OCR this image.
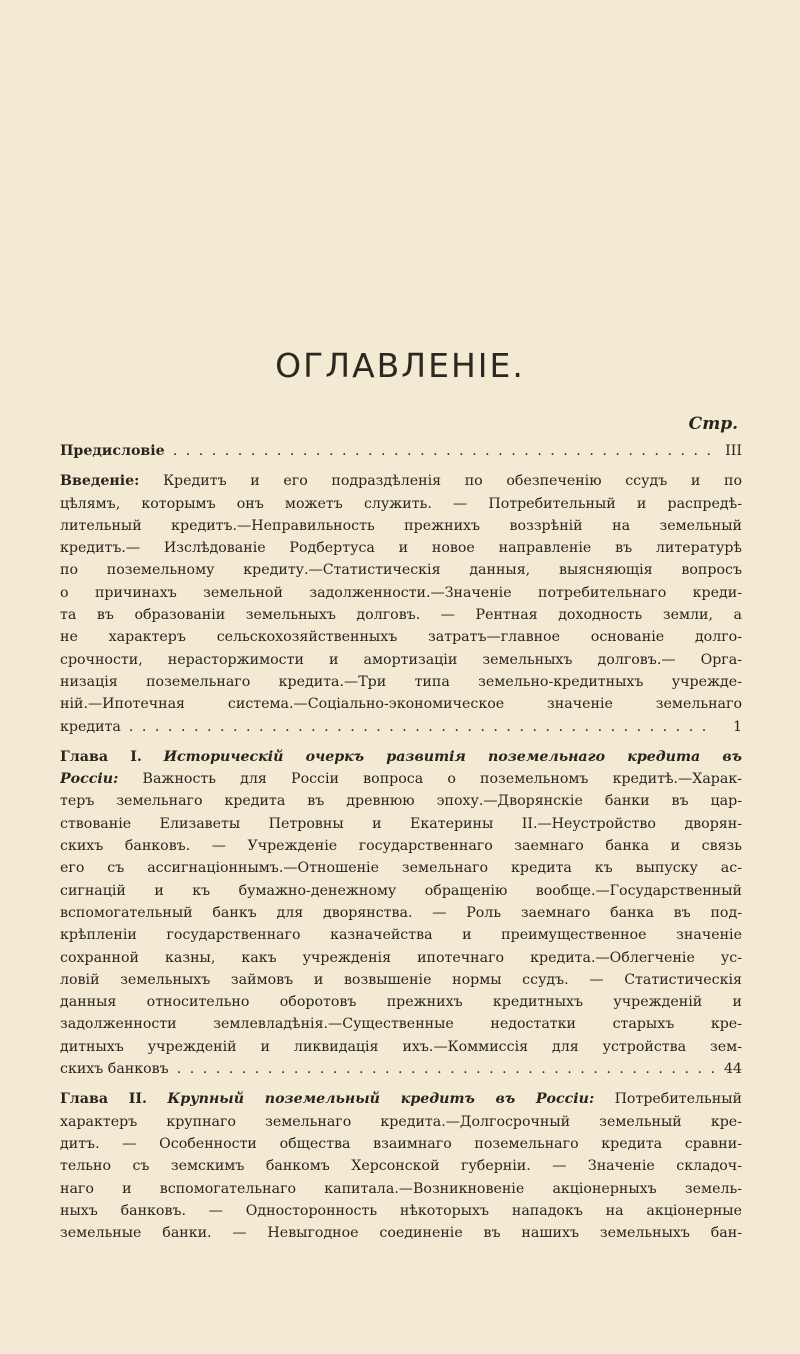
ОГЛАВЛЕНІЕ.
Стр.
Предисловіе . . .	III
Введеніе: Кредитъ и его подраздѣленія по обезпеченію ссудъ и по
цѣлямъ, которымъ онъ можетъ служить. — Потребительный и распредѣ-
лительный кредитъ.—Неправильность прежнихъ воззрѣній на земельный
кредитъ.— Изслѣдованіе Родбертуса и новое направленіе въ литературѣ
по поземельному кредиту.—Статистическія данныя, выясняющія вопросъ
о причинахъ земельной задолженности.—Значеніе потребительнаго креди-
та въ образованіи земельныхъ долговъ. — Рентная доходность земли, а
не характеръ сельскохозяйственныхъ затратъ—главное основаніе долго-
срочности, нерасторжимости и амортизаціи земельныхъ долговъ.— Орга-
низація поземельнаго кредита.—Три типа земельно-кредитныхъ учрежде-
ній.—Ипотечная система.—Соціально-экономическое значеніе земельнаго
кредита . . .	1
Глава I. Историческій очеркъ развитія поземельнаго кредита въ
Россіи: Важность для Россіи вопроса о поземельномъ кредитѣ.—Харак-
теръ земельнаго кредита въ древнюю эпоху.—Дворянскіе банки въ цар-
ствованіе Елизаветы Петровны и Екатерины II.—Неустройство дворян-
скихъ банковъ. — Учрежденіе государственнаго заемнаго банка и связь
его съ ассигнаціоннымъ.—Отношеніе земельнаго кредита къ выпуску ас-
сигнацій и къ бумажно-денежному обращенію вообще.—Государственный
вспомогательный банкъ для дворянства. — Роль заемнаго банка въ под-
крѣпленіи государственнаго казначейства и преимущественное значеніе
сохранной казны, какъ учрежденія ипотечнаго кредита.—Облегченіе ус-
ловій земельныхъ займовъ и возвышеніе нормы ссудъ. — Статистическія
данныя относительно оборотовъ прежнихъ кредитныхъ учрежденій и
задолженности землевладѣнія.—Существенные недостатки старыхъ кре-
дитныхъ учрежденій и ликвидація ихъ.—Коммиссія для устройства зем-
скихъ банковъ . . .	44
Глава II. Крупный поземельный кредитъ въ Россіи: Потребительный
характеръ крупнаго земельнаго кредита.—Долгосрочный земельный кре-
дитъ. — Особенности общества взаимнаго поземельнаго кредита сравни-
тельно съ земскимъ банкомъ Херсонской губерніи. — Значеніе складоч-
наго и вспомогательнаго капитала.—Возникновеніе акціонерныхъ земель-
ныхъ банковъ. — Односторонность нѣкоторыхъ нападокъ на акціонерные
земельные банки. — Невыгодное соединеніе въ нашихъ земельныхъ бан-
